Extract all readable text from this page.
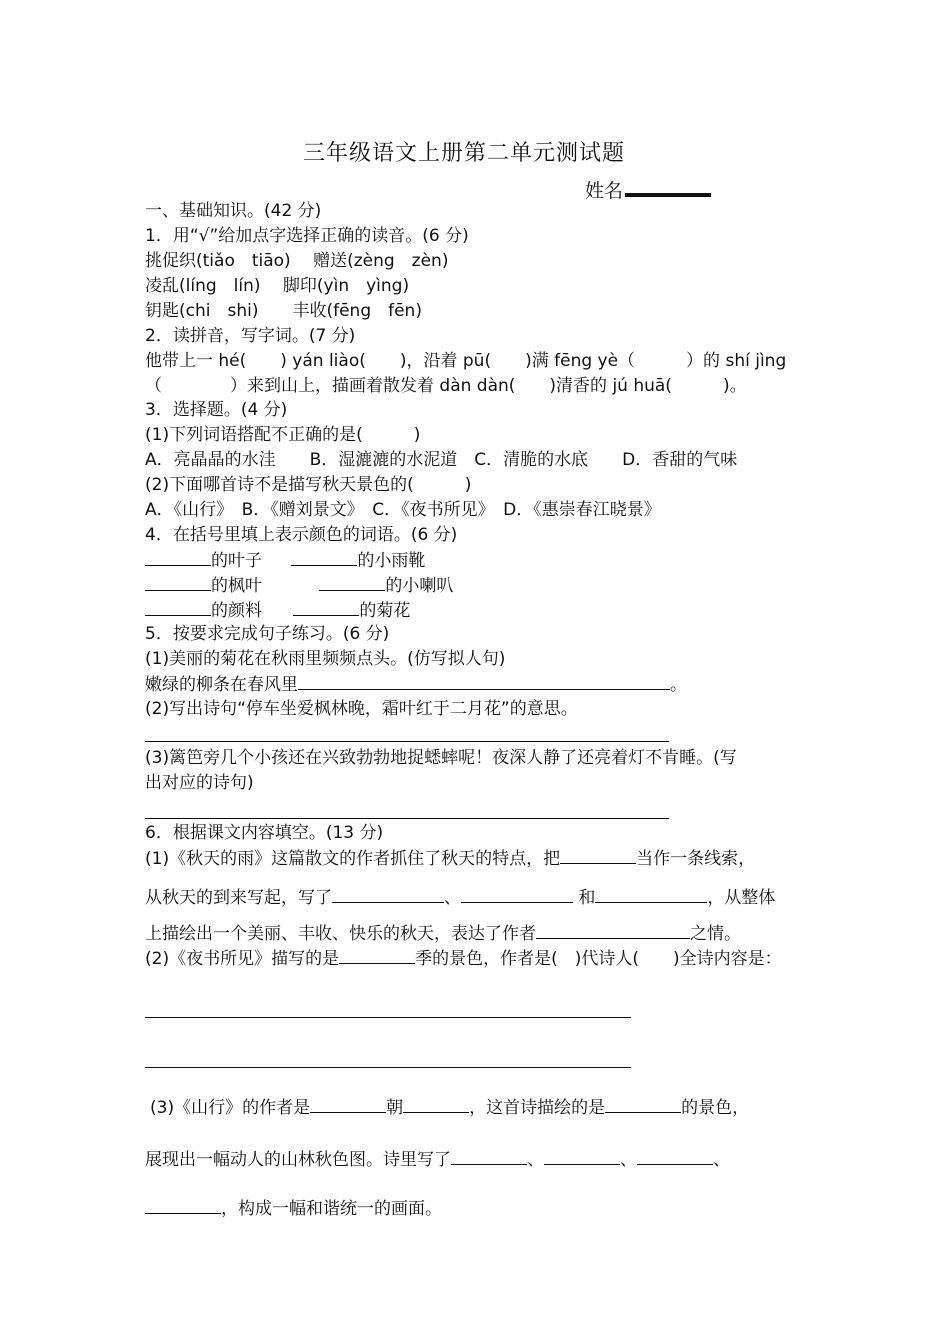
三年级语文上册第二单元测试题
姓名
一、基础知识。(42 分)
1．用“√”给加点字选择正确的读音。(6 分)
挑促织(tiǎo　tiāo)　 赠送(zèng　zèn)
凌乱(líng　lín)　 脚印(yìn　yìng)
钥匙(chi　shi)　　丰收(fēng　fēn)
2．读拼音，写字词。(7 分)
他带上一 hé(　　) yán liào(　　)，沿着 pū(　　)满 fēng yè（　　　）的 shí jìng
（　　　　）来到山上，描画着散发着 dàn dàn(　　)清香的 jú huā(　　　)。
3．选择题。(4 分)
(1)下列词语搭配不正确的是(　　　)
A．亮晶晶的水洼　　B．湿漉漉的水泥道　C．清脆的水底　　D．香甜的气味
(2)下面哪首诗不是描写秋天景色的(　　　)
A．《山行》　B．《赠刘景文》　C．《夜书所见》　D．《惠崇春江晓景》
4．在括号里填上表示颜色的词语。(6 分)
的叶子	的小雨靴
的枫叶	的小喇叭
的颜料	的菊花
5．按要求完成句子练习。(6 分)
(1)美丽的菊花在秋雨里频频点头。(仿写拟人句)
嫩绿的柳条在春风里	。
(2)写出诗句“停车坐爱枫林晚，霜叶红于二月花”的意思。
(3)篱笆旁几个小孩还在兴致勃勃地捉蟋蟀呢！夜深人静了还亮着灯不肯睡。(写
出对应的诗句)
6．根据课文内容填空。(13 分)
(1)《秋天的雨》这篇散文的作者抓住了秋天的特点，把	当作一条线索，
从秋天的到来写起，写了	、	和	，从整体
上描绘出一个美丽、丰收、快乐的秋天，表达了作者	之情。
(2)《夜书所见》描写的是	季的景色，作者是(　)代诗人(　　)全诗内容是：
(3)《山行》的作者是	朝	，这首诗描绘的是	的景色，
展现出一幅动人的山林秋色图。诗里写了	、	、	、
，构成一幅和谐统一的画面。
